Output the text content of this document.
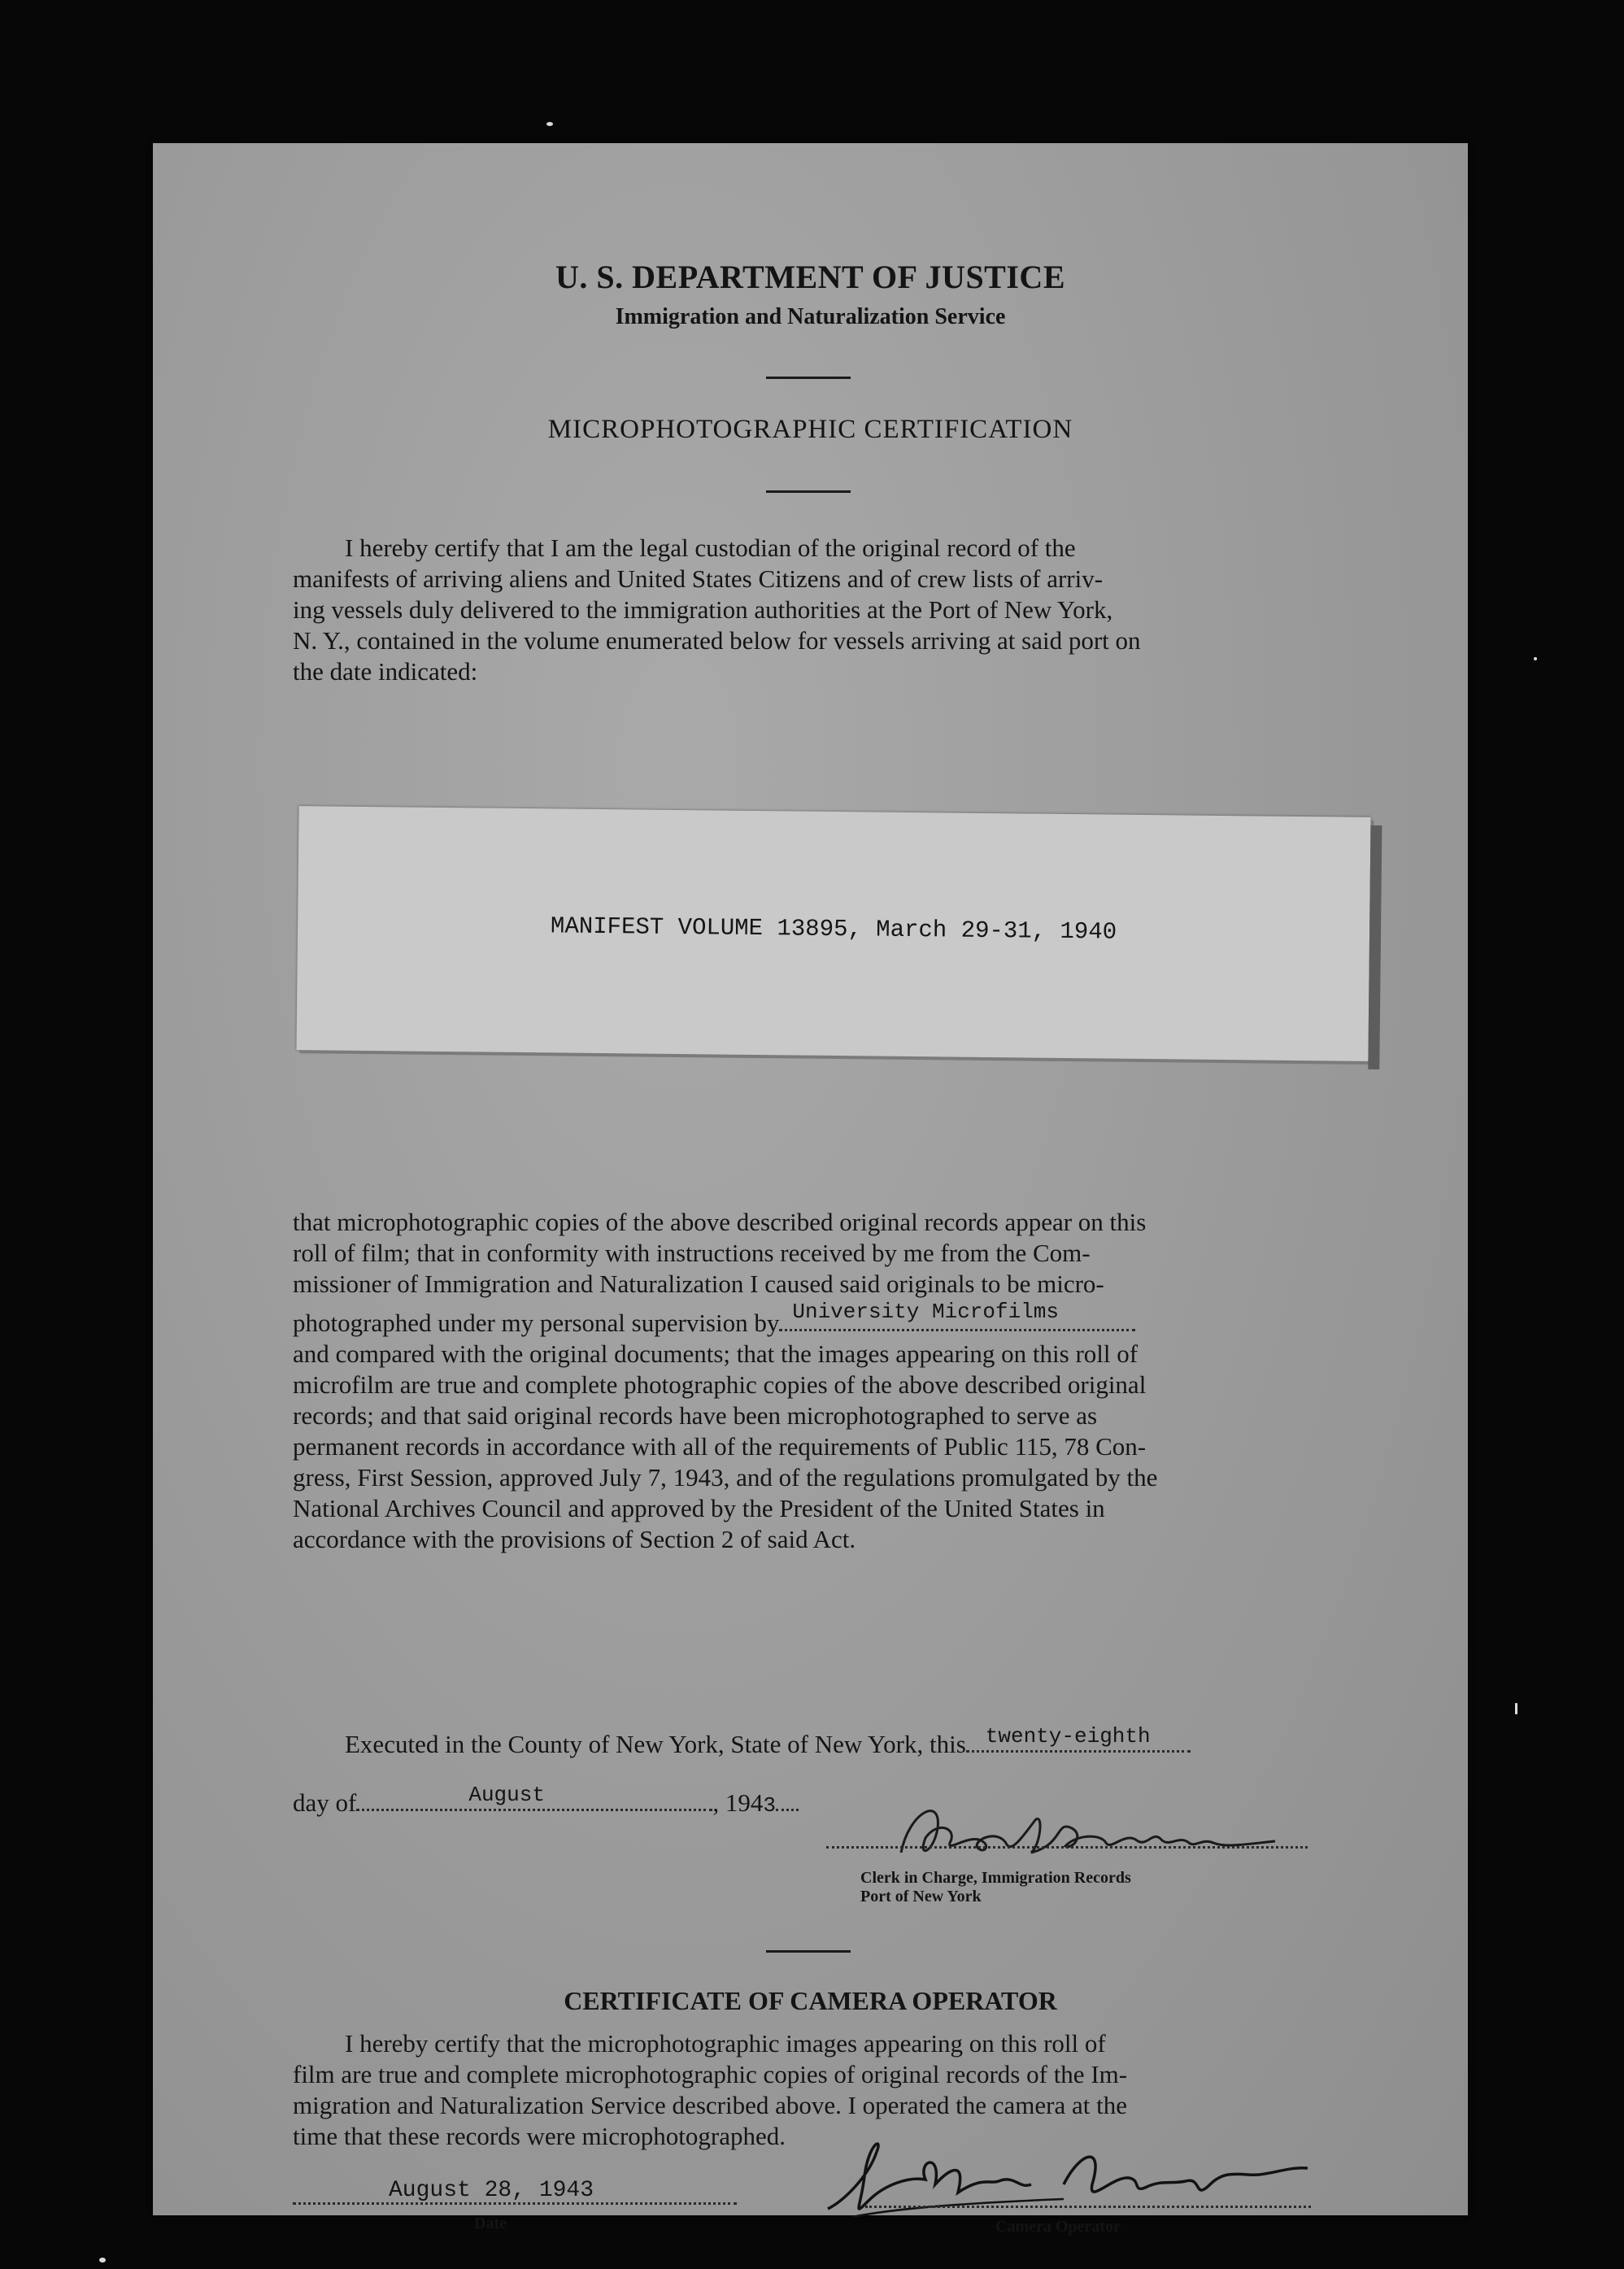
U. S. DEPARTMENT OF JUSTICE
Immigration and Naturalization Service
MICROPHOTOGRAPHIC CERTIFICATION

I hereby certify that I am the legal custodian of the original record of the

manifests of arriving aliens and United States Citizens and of crew lists of arriv-

ing vessels duly delivered to the immigration authorities at the Port of New York,

N. Y., contained in the volume enumerated below for vessels arriving at said port on

the date indicated:

MANIFEST VOLUME 13895, March 29-31, 1940

that microphotographic copies of the above described original records appear on this

roll of film; that in conformity with instructions received by me from the Com-

missioner of Immigration and Naturalization I caused said originals to be micro-

photographed under my personal supervision by University Microfilms

and compared with the original documents; that the images appearing on this roll of

microfilm are true and complete photographic copies of the above described original

records; and that said original records have been microphotographed to serve as

permanent records in accordance with all of the requirements of Public 115, 78 Con-

gress, First Session, approved July 7, 1943, and of the regulations promulgated by the

National Archives Council and approved by the President of the United States in

accordance with the provisions of Section 2 of said Act.

Executed in the County of New York, State of New York, this twenty-eighth
day of	August	, 1943
Clerk in Charge, Immigration Records
Port of New York
CERTIFICATE OF CAMERA OPERATOR

I hereby certify that the microphotographic images appearing on this roll of

film are true and complete microphotographic copies of original records of the Im-

migration and Naturalization Service described above. I operated the camera at the

time that these records were microphotographed.

August 28, 1943
Date	Camera Operator
